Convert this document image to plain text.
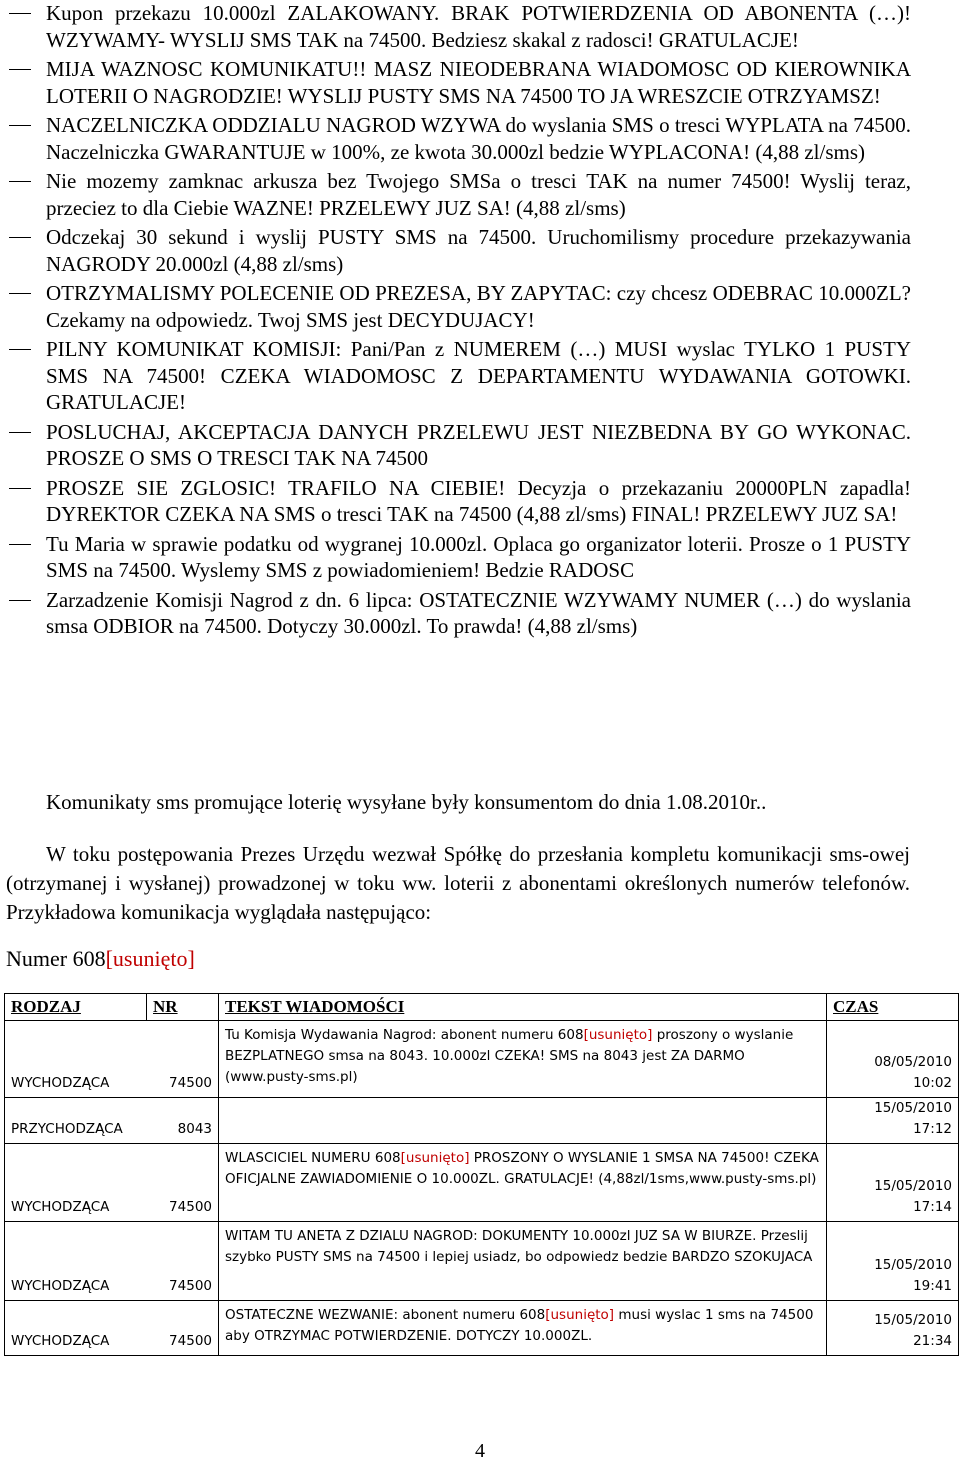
Kupon przekazu 10.000zl ZALAKOWANY. BRAK POTWIERDZENIA OD ABONENTA (…)! WZYWAMY- WYSLIJ SMS TAK na 74500. Bedziesz skakal z radosci! GRATULACJE!
MIJA WAZNOSC KOMUNIKATU!! MASZ NIEODEBRANA WIADOMOSC OD KIEROWNIKA LOTERII O NAGRODZIE! WYSLIJ PUSTY SMS NA 74500 TO JA WRESZCIE OTRZYAMSZ!
NACZELNICZKA ODDZIALU NAGROD WZYWA do wyslania SMS o tresci WYPLATA na 74500. Naczelniczka GWARANTUJE w 100%, ze kwota 30.000zl bedzie WYPLACONA! (4,88 zl/sms)
Nie mozemy zamknac arkusza bez Twojego SMSa o tresci TAK na numer 74500! Wyslij teraz, przeciez to dla Ciebie WAZNE! PRZELEWY JUZ SA! (4,88 zl/sms)
Odczekaj 30 sekund i wyslij PUSTY SMS na 74500. Uruchomilismy procedure przekazywania NAGRODY 20.000zl (4,88 zl/sms)
OTRZYMALISMY POLECENIE OD PREZESA, BY ZAPYTAC: czy chcesz ODEBRAC 10.000ZL? Czekamy na odpowiedz. Twoj SMS jest DECYDUJACY!
PILNY KOMUNIKAT KOMISJI: Pani/Pan z NUMEREM (…) MUSI wyslac TYLKO 1 PUSTY SMS NA 74500! CZEKA WIADOMOSC Z DEPARTAMENTU WYDAWANIA GOTOWKI. GRATULACJE!
POSLUCHAJ, AKCEPTACJA DANYCH PRZELEWU JEST NIEZBEDNA BY GO WYKONAC. PROSZE O SMS O TRESCI TAK NA 74500
PROSZE SIE ZGLOSIC! TRAFILO NA CIEBIE! Decyzja o przekazaniu 20000PLN zapadla! DYREKTOR CZEKA NA SMS o tresci TAK na 74500 (4,88 zl/sms) FINAL! PRZELEWY JUZ SA!
Tu Maria w sprawie podatku od wygranej 10.000zl. Oplaca go organizator loterii. Prosze o 1 PUSTY SMS na 74500. Wyslemy SMS z powiadomieniem! Bedzie RADOSC
Zarzadzenie Komisji Nagrod z dn. 6 lipca: OSTATECZNIE WZYWAMY NUMER (…) do wyslania smsa ODBIOR na 74500. Dotyczy 30.000zl. To prawda! (4,88 zl/sms)

Komunikaty sms promujące loterię wysyłane były konsumentom do dnia 1.08.2010r..

W toku postępowania Prezes Urzędu wezwał Spółkę do przesłania kompletu komunikacji sms-owej (otrzymanej i wysłanej) prowadzonej w toku ww. loterii z abonentami określonych numerów telefonów. Przykładowa komunikacja wyglądała następująco:

Numer 608[usunięto]

RODZAJ	NR	TEKST WIADOMOŚCI	CZAS
WYCHODZĄCA	74500	Tu Komisja Wydawania Nagrod: abonent numeru 608[usunięto] proszony o wyslanie BEZPLATNEGO smsa na 8043. 10.000zl CZEKA! SMS na 8043 jest ZA DARMO (www.pusty-sms.pl)	08/05/2010
10:02

PRZYCHODZĄCA	8043		15/05/2010
17:12

WYCHODZĄCA	74500	WLASCICIEL NUMERU 608[usunięto] PROSZONY O WYSLANIE 1 SMSA NA 74500! CZEKA OFICJALNE ZAWIADOMIENIE O 10.000ZL. GRATULACJE! (4,88zl/1sms,www.pusty-sms.pl)	15/05/2010
17:14

WYCHODZĄCA	74500	WITAM TU ANETA Z DZIALU NAGROD: DOKUMENTY 10.000zl JUZ SA W BIURZE. Przeslij szybko PUSTY SMS na 74500 i lepiej usiadz, bo odpowiedz bedzie BARDZO SZOKUJACA	15/05/2010
19:41

WYCHODZĄCA	74500	OSTATECZNE WEZWANIE: abonent numeru 608[usunięto] musi wyslac 1 sms na 74500 aby OTRZYMAC POTWIERDZENIE. DOTYCZY 10.000ZL.	15/05/2010
21:34
4
